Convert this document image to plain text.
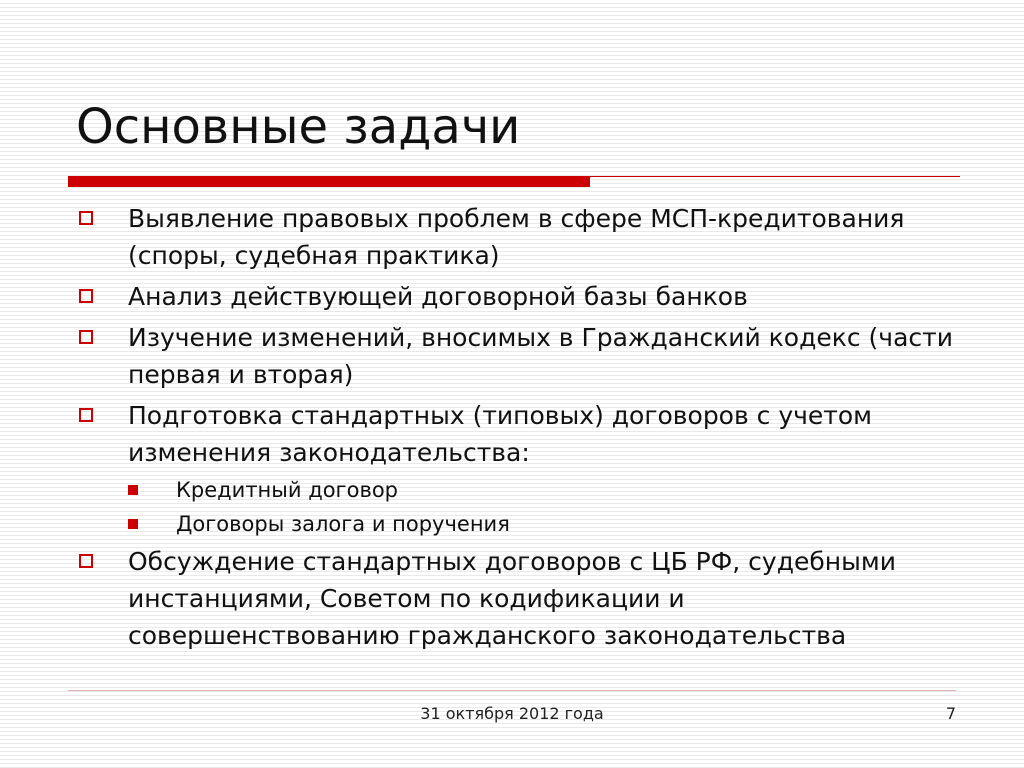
Основные задачи
Выявление правовых проблем в сфере МСП-кредитования (споры, судебная практика)
Анализ действующей договорной базы банков
Изучение изменений, вносимых в Гражданский кодекс (части первая и вторая)
Подготовка стандартных (типовых) договоров с учетом изменения законодательства:
Кредитный договор
Договоры залога и поручения
Обсуждение стандартных договоров с ЦБ РФ, судебными инстанциями, Советом по кодификации и совершенствованию гражданского законодательства
31 октября 2012 года	7
